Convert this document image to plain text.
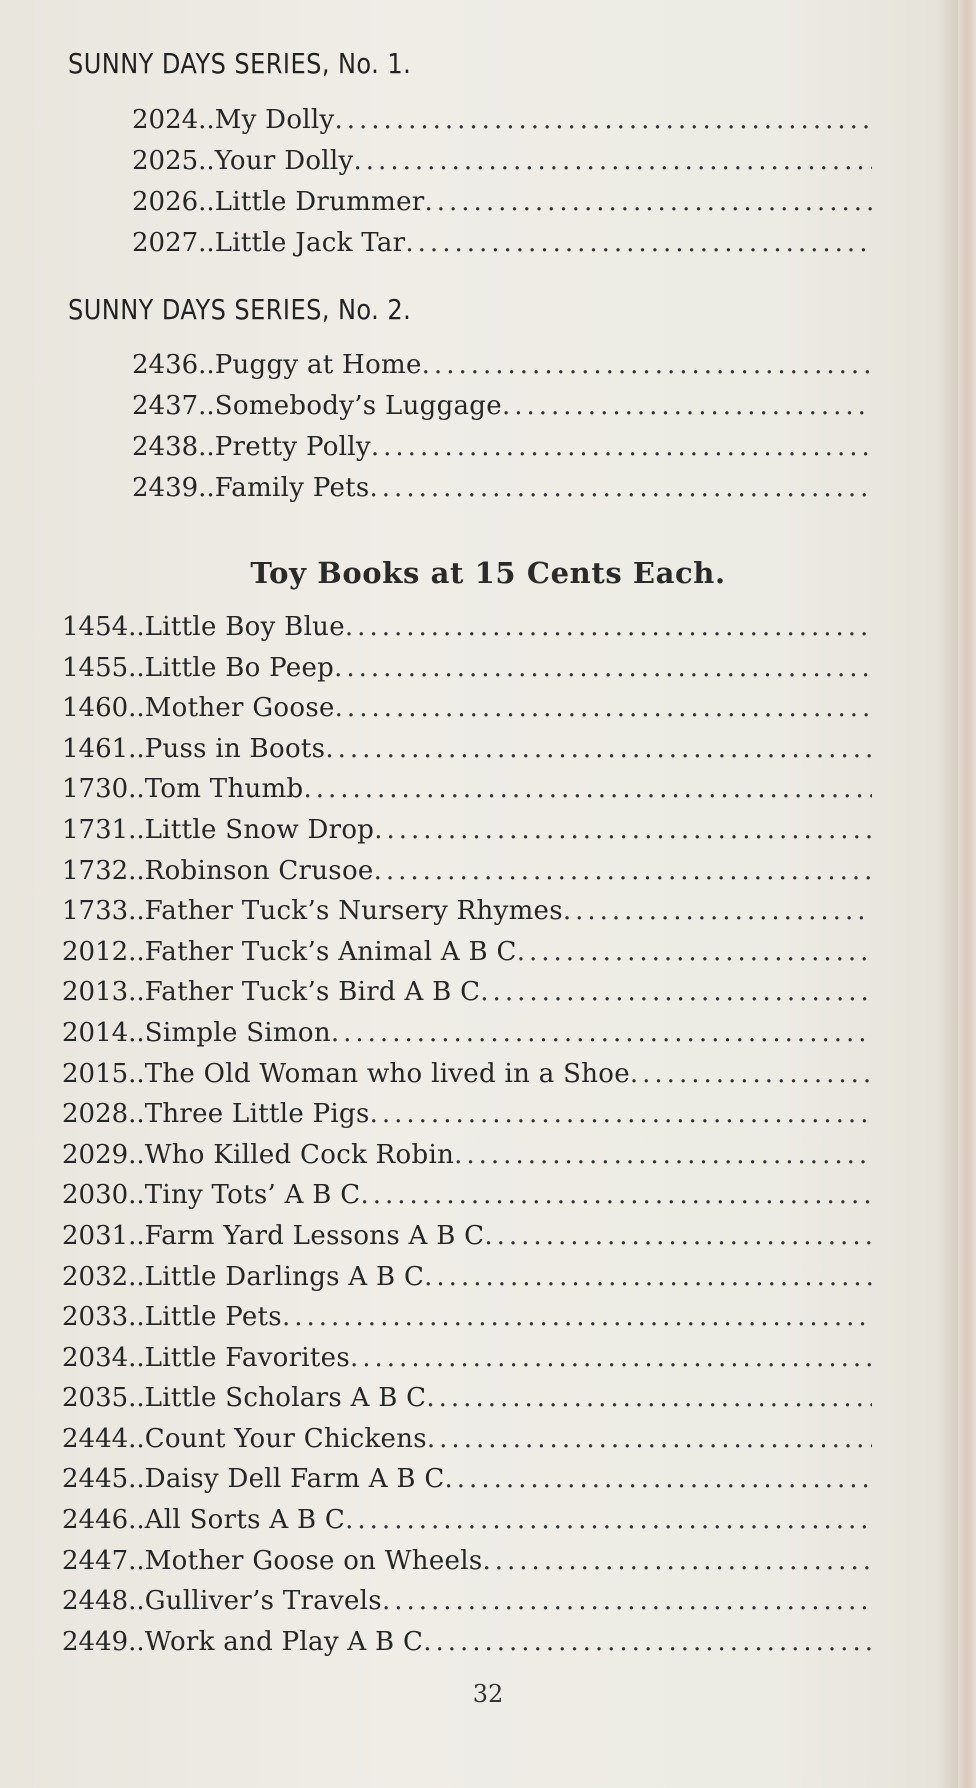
SUNNY DAYS SERIES, No. 1.
2024 .. My Dolly
.....
2025 .. Your Dolly
.....
2026 .. Little Drummer
.....
2027 .. Little Jack Tar
.....
SUNNY DAYS SERIES, No. 2.
2436 .. Puggy at Home
.....
2437 .. Somebody’s Luggage
.....
2438 .. Pretty Polly
.....
2439 .. Family Pets
.....
Toy Books at 15 Cents Each.
1454 .. Little Boy Blue
.....
1455 .. Little Bo Peep
.....
1460 .. Mother Goose
.....
1461 .. Puss in Boots
.....
1730 .. Tom Thumb
.....
1731 .. Little Snow Drop
.....
1732 .. Robinson Crusoe
.....
1733 .. Father Tuck’s Nursery Rhymes
.....
2012 .. Father Tuck’s Animal A B C
.....
2013 .. Father Tuck’s Bird A B C
.....
2014 .. Simple Simon
.....
2015 .. The Old Woman who lived in a Shoe
.....
2028 .. Three Little Pigs
.....
2029 .. Who Killed Cock Robin
.....
2030 .. Tiny Tots’ A B C
.....
2031 .. Farm Yard Lessons A B C
.....
2032 .. Little Darlings A B C
.....
2033 .. Little Pets
.....
2034 .. Little Favorites
.....
2035 .. Little Scholars A B C
.....
2444 .. Count Your Chickens
.....
2445 .. Daisy Dell Farm A B C
.....
2446 .. All Sorts A B C
.....
2447 .. Mother Goose on Wheels
.....
2448 .. Gulliver’s Travels
.....
2449 .. Work and Play A B C
.....
32
